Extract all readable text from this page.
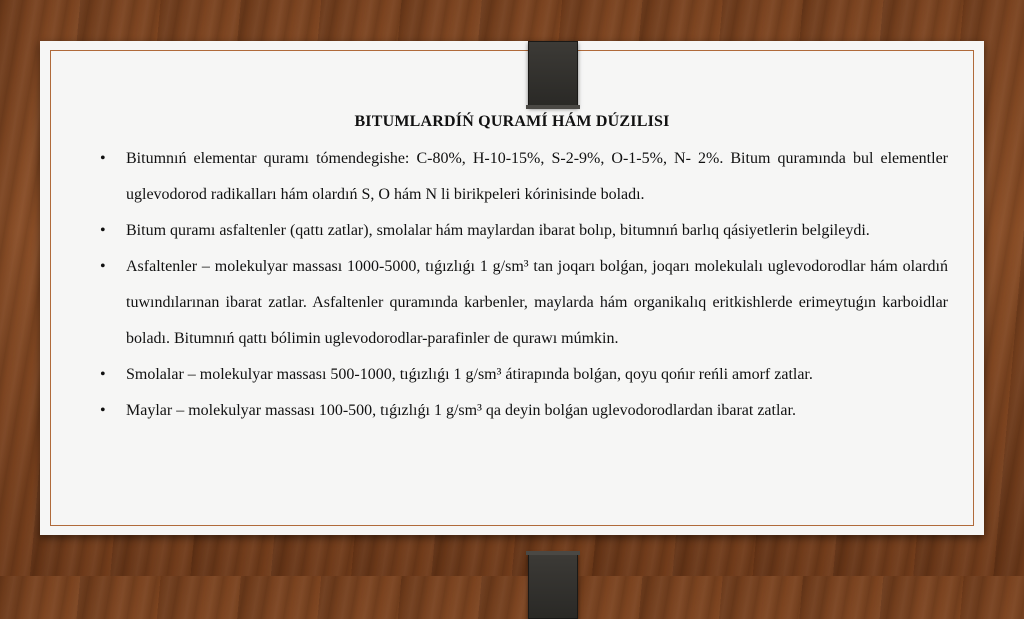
BITUMLARDÍŃ QURAMÍ HÁM DÚZILISI
• Bitumnıń elementar quramı tómendegishe: C-80%, H-10-15%, S-2-9%, O-1-5%, N- 2%. Bitum quramında bul elementler uglevodorod radikalları hám olardıń S, O hám N li birikpeleri kórinisinde boladı.
• Bitum quramı asfaltenler (qattı zatlar), smolalar hám maylardan ibarat bolıp, bitumnıń barlıq qásiyetlerin belgileydi.
• Asfaltenler – molekulyar massası 1000-5000, tıǵızlıǵı 1 g/sm³ tan joqarı bolǵan, joqarı molekulalı uglevodorodlar hám olardıń tuwındılarınan ibarat zatlar. Asfaltenler quramında karbenler, maylarda hám organikalıq eritkishlerde erimeytuǵın karboidlar boladı. Bitumnıń qattı bólimin uglevodorodlar-parafinler de qurawı múmkin.
• Smolalar – molekulyar massası 500-1000, tıǵızlıǵı 1 g/sm³ átirapında bolǵan, qoyu qońır reńli amorf zatlar.
• Maylar – molekulyar massası 100-500, tıǵızlıǵı 1 g/sm³ qa deyin bolǵan uglevodorodlardan ibarat zatlar.
